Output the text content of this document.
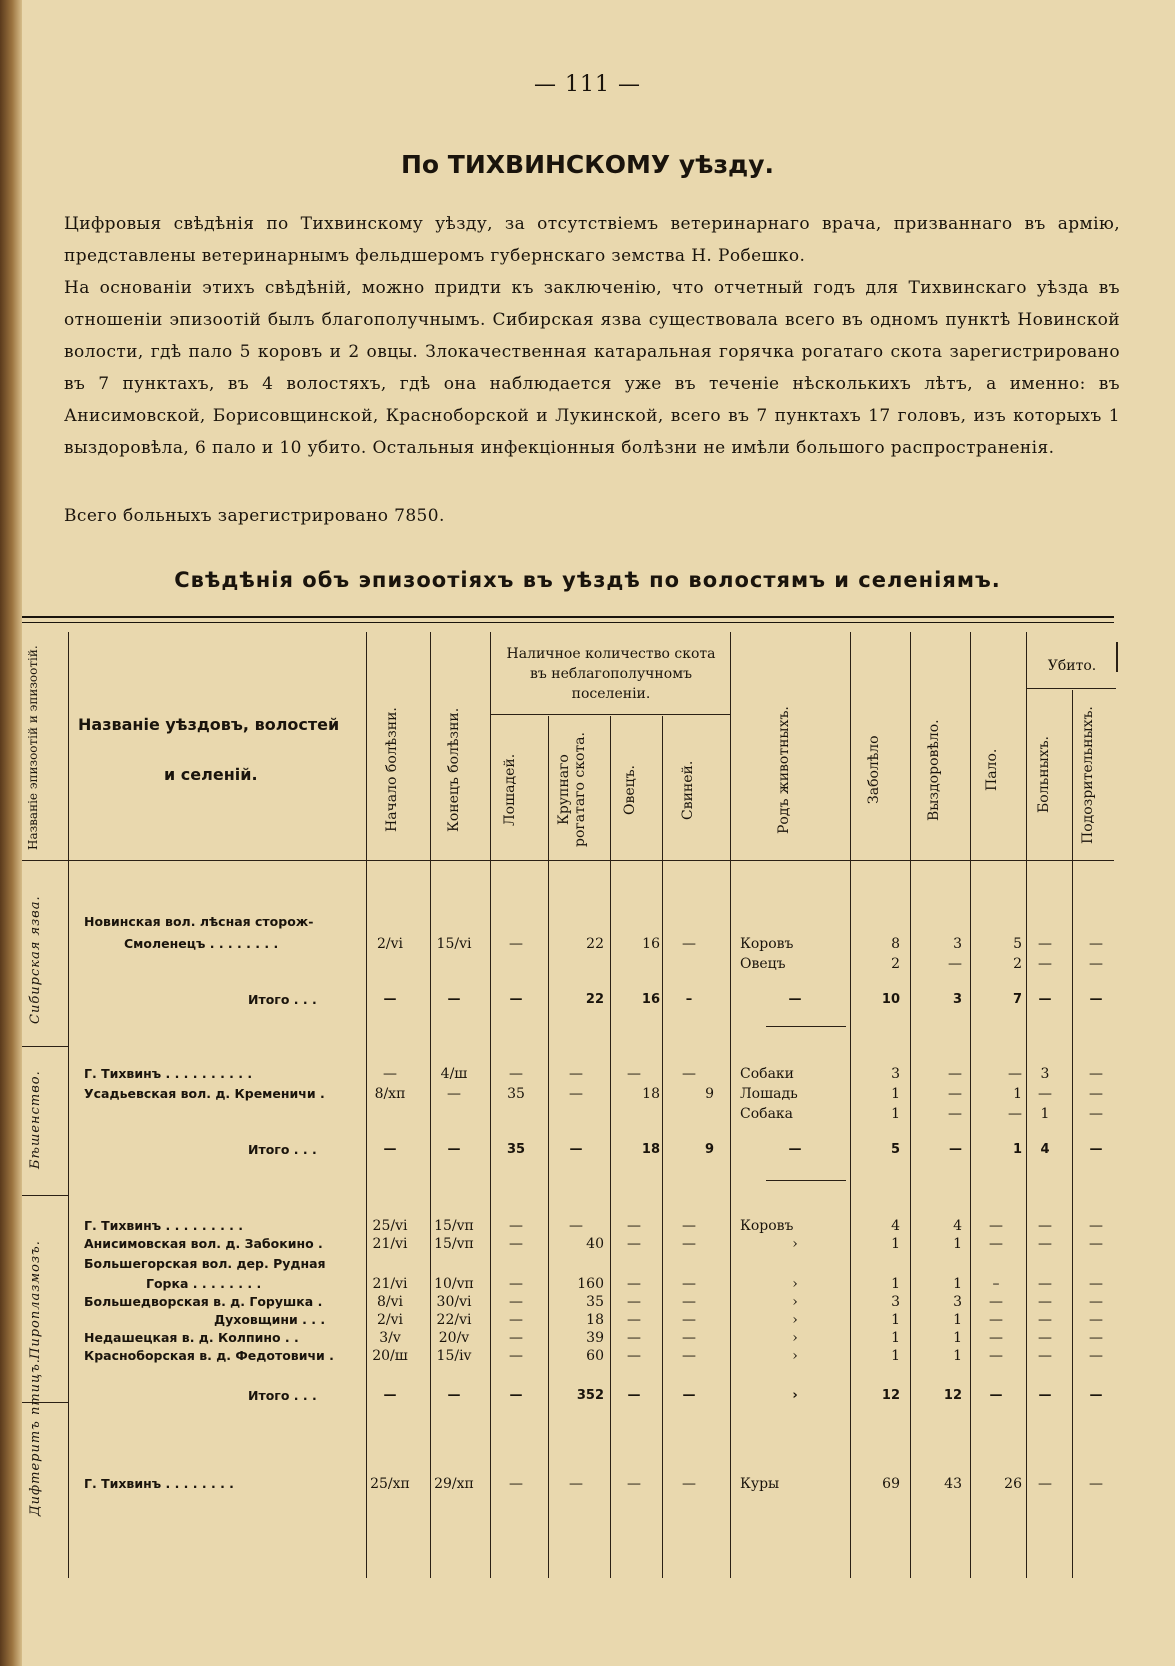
— 111 —
По ТИХВИНСКОМУ уѣзду.

Цифровыя свѣдѣнія по Тихвинскому уѣзду, за отсутствіемъ ветеринарнаго врача, призваннаго въ армію, представлены ветеринарнымъ фельдшеромъ губернскаго земства Н. Робешко.

На основаніи этихъ свѣдѣній, можно придти къ заключенію, что отчетный годъ для Тихвинскаго уѣзда въ отношеніи эпизоотій былъ благополучнымъ. Сибирская язва существовала всего въ одномъ пунктѣ Новинской волости, гдѣ пало 5 коровъ и 2 овцы. Злокачественная катаральная горячка рогатаго скота зарегистрировано въ 7 пунктахъ, въ 4 волостяхъ, гдѣ она наблюдается уже въ теченіе нѣсколькихъ лѣтъ, а именно: въ Анисимовской, Борисовщинской, Красноборской и Лукинской, всего въ 7 пунктахъ 17 головъ, изъ которыхъ 1 выздоровѣла, 6 пало и 10 убито. Остальныя инфекціонныя болѣзни не имѣли большого распространенія.

Всего больныхъ зарегистрировано 7850.

Свѣдѣнія объ эпизоотіяхъ въ уѣздѣ по волостямъ и селеніямъ.
Названіе эпизоотій и эпизоотій.	Названіе уѣздовъ, волостей
и селеній.	Начало болѣзни.	Конецъ болѣзни.
Наличное количество скота въ неблагополучномъ поселеніи.
Лошадей.	Крупнаго рогатаго скота.	Овецъ.	Свиней.	Родъ животныхъ.	Заболѣло	Выздоровѣло.	Пало.
Убито.
Больныхъ.	Подозрительныхъ.
Сибирская язва.
Бѣшенство.
Пироплазмозъ.
Дифтеритъ птицъ.
Новинская вол. лѣсная сторож-
Смоленецъ . . . . . . . .	2/vi	15/vi	—	22	16	—	Коровъ	8	3	5	—	—
Овецъ	2	—	2	—	—
Итого . . .	—	—	—	22	16	–	—	10	3	7	—	—
Г. Тихвинъ . . . . . . . . . .	—	4/ш	—	—	—	—	Собаки	3	—	—	3	—
Усадьевская вол. д. Кременичи .	8/хп	—	35	—	18	9 Лошадь	1	—	1	—	—
Собака	1	—	—	1	—
Итого . . .	—	—	35	—	18	9	—	5	—	1	4	—
Г. Тихвинъ . . . . . . . . .	25/vi	15/vп	—	—	—	—	Коровъ	4	4	—	—	—
Анисимовская вол. д. Забокино .	21/vi	15/vп	—	40	—	—	›	1	1	—	—	—
Большегорская вол. дер. Рудная
Горка . . . . . . . .	21/vi	10/vп	—	160	—	—	›	1	1	–	—	—
Большедворская в. д. Горушка .	8/vi	30/vi	—	35	—	—	›	3	3	—	—	—
Духовщини . . .	2/vi	22/vi	—	18	—	—	›	1	1	—	—	—
Недашецкая в. д. Колпино . .	3/v	20/v	—	39	—	—	›	1	1	—	—	—
Красноборская в. д. Федотовичи .	20/ш	15/iv	—	60	—	—	›	1	1	—	—	—
Итого . . .	—	—	—	352	—	—	›	12	12	—	—	—
Г. Тихвинъ . . . . . . . .	25/хп	29/хп	—	—	—	—	Куры	69	43	26	—	—
